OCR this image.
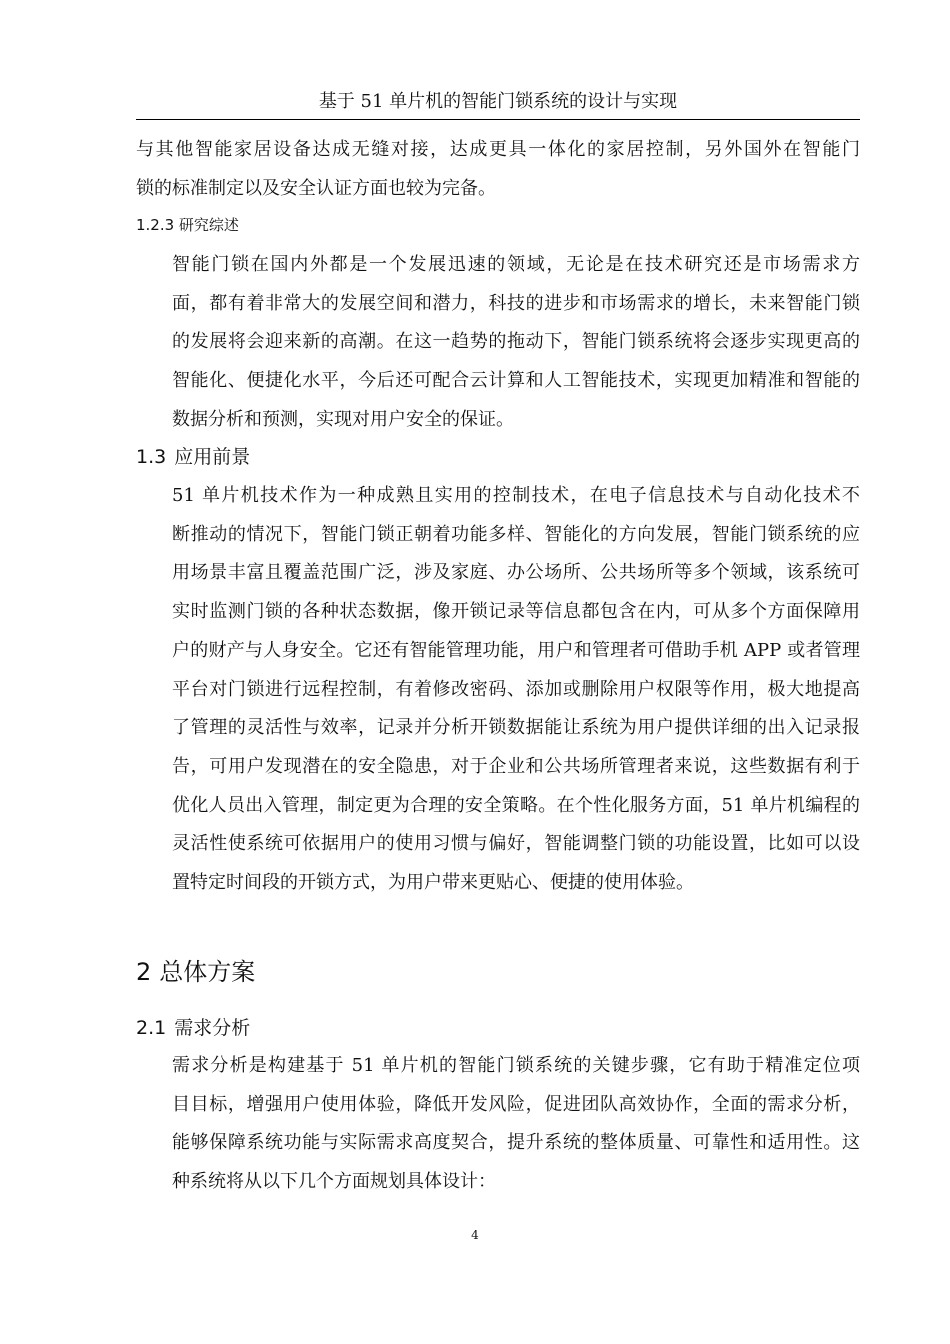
基于 51 单片机的智能门锁系统的设计与实现

与其他智能家居设备达成无缝对接，达成更具一体化的家居控制，另外国外在智能门
锁的标准制定以及安全认证方面也较为完备。

1.2.3 研究综述

智能门锁在国内外都是一个发展迅速的领域，无论是在技术研究还是市场需求方
面，都有着非常大的发展空间和潜力，科技的进步和市场需求的增长，未来智能门锁
的发展将会迎来新的高潮。在这一趋势的拖动下，智能门锁系统将会逐步实现更高的
智能化、便捷化水平，今后还可配合云计算和人工智能技术，实现更加精准和智能的
数据分析和预测，实现对用户安全的保证。

1.3 应用前景

51 单片机技术作为一种成熟且实用的控制技术，在电子信息技术与自动化技术不
断推动的情况下，智能门锁正朝着功能多样、智能化的方向发展，智能门锁系统的应
用场景丰富且覆盖范围广泛，涉及家庭、办公场所、公共场所等多个领域，该系统可
实时监测门锁的各种状态数据，像开锁记录等信息都包含在内，可从多个方面保障用
户的财产与人身安全。它还有智能管理功能，用户和管理者可借助手机 APP 或者管理
平台对门锁进行远程控制，有着修改密码、添加或删除用户权限等作用，极大地提高
了管理的灵活性与效率，记录并分析开锁数据能让系统为用户提供详细的出入记录报
告，可用户发现潜在的安全隐患，对于企业和公共场所管理者来说，这些数据有利于
优化人员出入管理，制定更为合理的安全策略。在个性化服务方面，51 单片机编程的
灵活性使系统可依据用户的使用习惯与偏好，智能调整门锁的功能设置，比如可以设
置特定时间段的开锁方式，为用户带来更贴心、便捷的使用体验。

2 总体方案
2.1 需求分析

需求分析是构建基于 51 单片机的智能门锁系统的关键步骤，它有助于精准定位项
目目标，增强用户使用体验，降低开发风险，促进团队高效协作，全面的需求分析，
能够保障系统功能与实际需求高度契合，提升系统的整体质量、可靠性和适用性。这
种系统将从以下几个方面规划具体设计：

4
